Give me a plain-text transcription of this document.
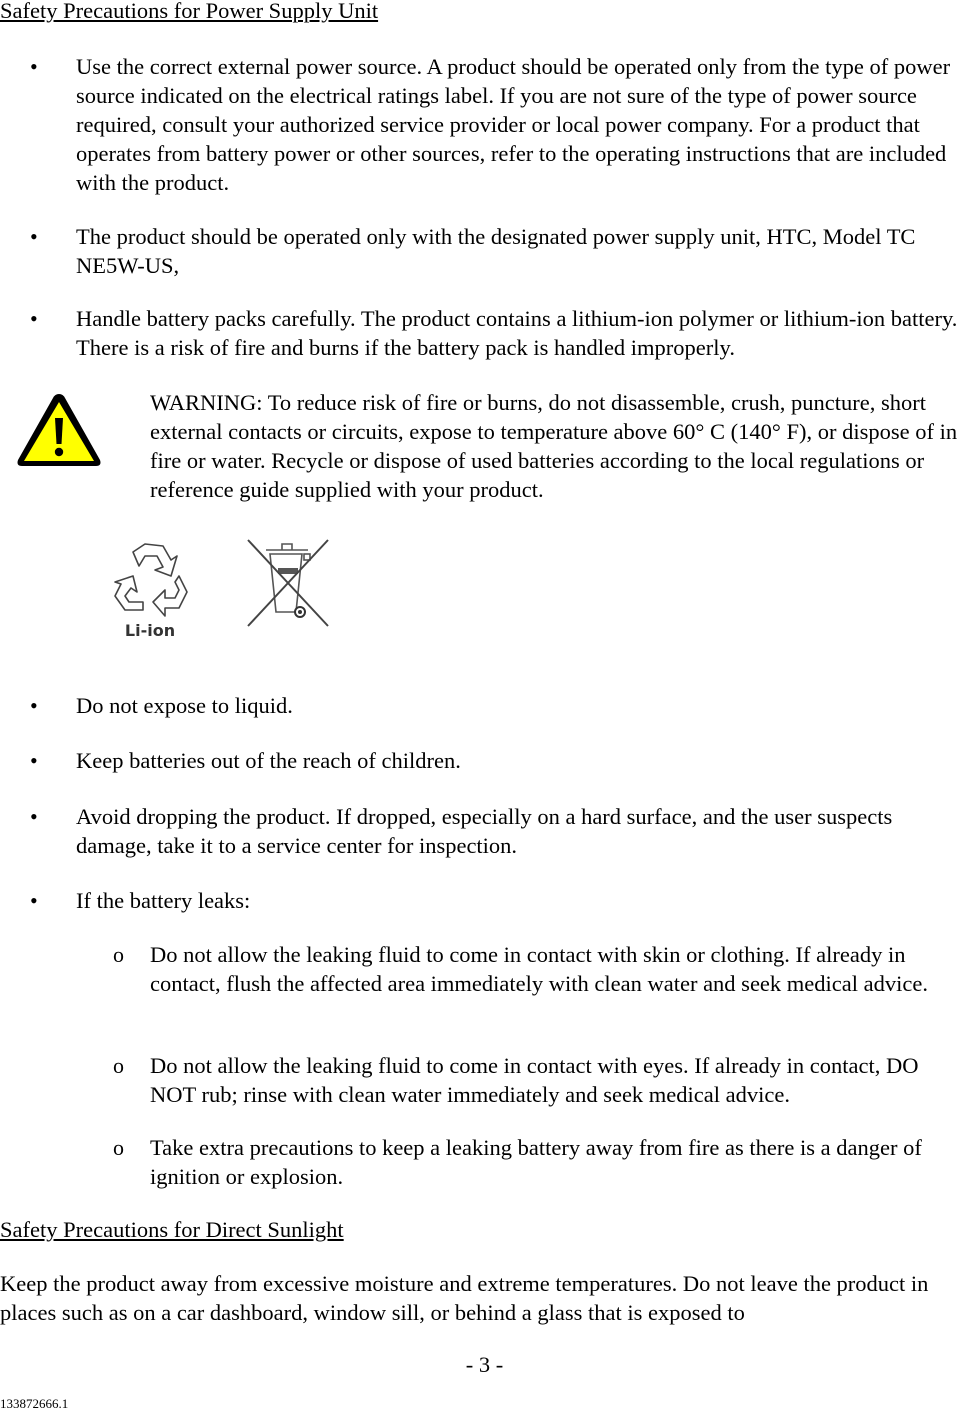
Safety Precautions for Power Supply Unit
• Use the correct external power source. A product should be operated only from the type of power source indicated on the electrical ratings label. If you are not sure of the type of power source required, consult your authorized service provider or local power company. For a product that operates from battery power or other sources, refer to the operating instructions that are included with the product.
• The product should be operated only with the designated power supply unit, HTC, Model TC NE5W-US,
• Handle battery packs carefully. The product contains a lithium-ion polymer or lithium-ion battery. There is a risk of fire and burns if the battery pack is handled improperly.
WARNING: To reduce risk of fire or burns, do not disassemble, crush, puncture, short external contacts or circuits, expose to temperature above 60° C (140° F), or dispose of in fire or water. Recycle or dispose of used batteries according to the local regulations or reference guide supplied with your product.
Li-ion
• Do not expose to liquid.
• Keep batteries out of the reach of children.
• Avoid dropping the product. If dropped, especially on a hard surface, and the user suspects damage, take it to a service center for inspection.
• If the battery leaks:
o Do not allow the leaking fluid to come in contact with skin or clothing. If already in contact, flush the affected area immediately with clean water and seek medical advice.
o Do not allow the leaking fluid to come in contact with eyes. If already in contact, DO NOT rub; rinse with clean water immediately and seek medical advice.
o Take extra precautions to keep a leaking battery away from fire as there is a danger of ignition or explosion.
Safety Precautions for Direct Sunlight
Keep the product away from excessive moisture and extreme temperatures. Do not leave the product in places such as on a car dashboard, window sill, or behind a glass that is exposed to
- 3 -
133872666.1
